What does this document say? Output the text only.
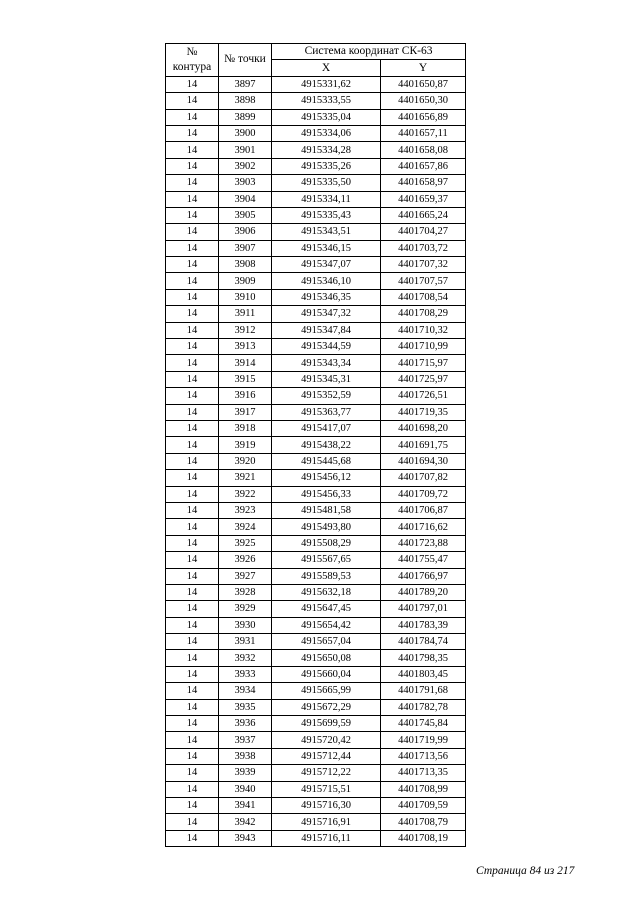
№
контура	№ точки	Система координат СК-63	
		X	Y
14	3897	4915331,62	4401650,87
14	3898	4915333,55	4401650,30
14	3899	4915335,04	4401656,89
14	3900	4915334,06	4401657,11
14	3901	4915334,28	4401658,08
14	3902	4915335,26	4401657,86
14	3903	4915335,50	4401658,97
14	3904	4915334,11	4401659,37
14	3905	4915335,43	4401665,24
14	3906	4915343,51	4401704,27
14	3907	4915346,15	4401703,72
14	3908	4915347,07	4401707,32
14	3909	4915346,10	4401707,57
14	3910	4915346,35	4401708,54
14	3911	4915347,32	4401708,29
14	3912	4915347,84	4401710,32
14	3913	4915344,59	4401710,99
14	3914	4915343,34	4401715,97
14	3915	4915345,31	4401725,97
14	3916	4915352,59	4401726,51
14	3917	4915363,77	4401719,35
14	3918	4915417,07	4401698,20
14	3919	4915438,22	4401691,75
14	3920	4915445,68	4401694,30
14	3921	4915456,12	4401707,82
14	3922	4915456,33	4401709,72
14	3923	4915481,58	4401706,87
14	3924	4915493,80	4401716,62
14	3925	4915508,29	4401723,88
14	3926	4915567,65	4401755,47
14	3927	4915589,53	4401766,97
14	3928	4915632,18	4401789,20
14	3929	4915647,45	4401797,01
14	3930	4915654,42	4401783,39
14	3931	4915657,04	4401784,74
14	3932	4915650,08	4401798,35
14	3933	4915660,04	4401803,45
14	3934	4915665,99	4401791,68
14	3935	4915672,29	4401782,78
14	3936	4915699,59	4401745,84
14	3937	4915720,42	4401719,99
14	3938	4915712,44	4401713,56
14	3939	4915712,22	4401713,35
14	3940	4915715,51	4401708,99
14	3941	4915716,30	4401709,59
14	3942	4915716,91	4401708,79
14	3943	4915716,11	4401708,19
Страница 84 из 217
